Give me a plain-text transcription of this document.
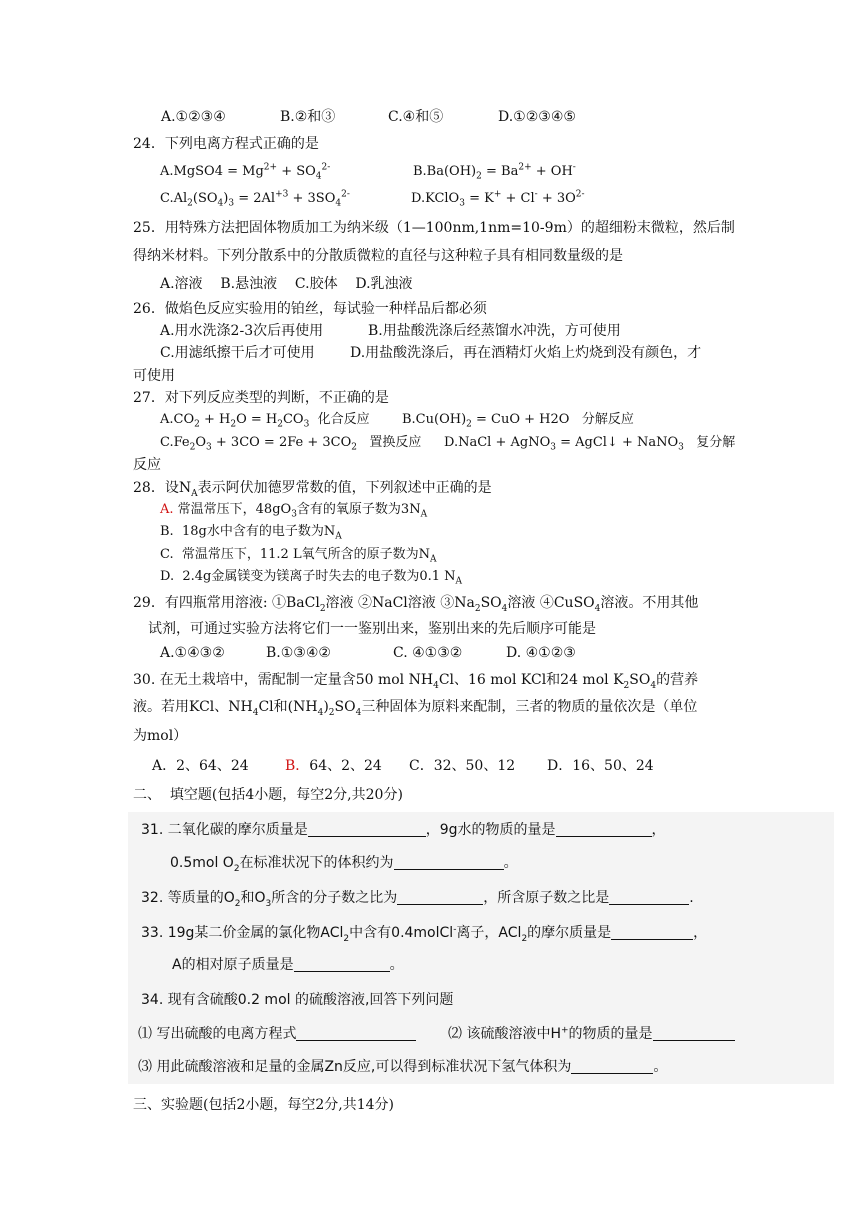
A.①②③④	B.②和③	C.④和⑤	D.①②③④⑤
24．下列电离方程式正确的是
A.MgSO4 = $Mg^{2+} + SO_4^{2-}$	$B.Ba(OH)_2 = Ba^{2+} + OH^-$
$C.Al_2(SO_4)_3 = 2Al^{+3} + 3SO_4^{2-}$	D.KClO$_3$ = $K^+ + Cl^- + 3O^{2-}$
25．用特殊方法把固体物质加工为纳米级（1—100nm,1nm=10-9m）的超细粉末微粒，然后制
得纳米材料。下列分散系中的分散质微粒的直径与这种粒子具有相同数量级的是
A.溶液    B.悬浊液    C.胶体    D.乳浊液
26．做焰色反应实验用的铂丝，每试验一种样品后都必须
A.用水洗涤2-3次后再使用	B.用盐酸洗涤后经蒸馏水冲洗，方可使用
C.用滤纸擦干后才可使用	D.用盐酸洗涤后，再在酒精灯火焰上灼烧到没有颜色，才
可使用
27．对下列反应类型的判断，不正确的是
$A.CO_2 + H_2O = H_2CO_3$  化合反应 $B.Cu(OH)_2$ = CuO + H2O   分解反应
$C.Fe_2O_3 + 3CO = 2Fe + 3CO_2$   置换反应 D.NaCl + AgNO$_3$ = AgCl↓ + NaNO$_3$   复分解
反应
28．设$N_A$表示阿伏加德罗常数的值，下列叙述中正确的是
A. 常温常压下，$48gO_3$含有的氧原子数为$3N_A$
B.  18g水中含有的电子数为$N_A$
C.  常温常压下，11.2 L氧气所含的原子数为$N_A$
D.  2.4g金属镁变为镁离子时失去的电子数为0.1 $N_A$
29．有四瓶常用溶液: ①BaCl$_2$溶液 ②NaCl溶液 $③Na_2SO_4$溶液 ④CuSO$_4$溶液。不用其他
试剂，可通过实验方法将它们一一鉴别出来，鉴别出来的先后顺序可能是
A.①④③②	B.①③④②	C. ④①③②	D. ④①②③
30. 在无土栽培中，需配制一定量含50 mol $NH_4Cl$、16 mol KCl和24 mol $K_2SO_4$的营养
液。若用KCl、$NH_4Cl$和$(NH_4)_2SO_4$三种固体为原料来配制，三者的物质的量依次是（单位
为mol）
A．2、64、24	B．64、2、24 C．32、50、12 D．16、50、24
二、  填空题(包括4小题，每空2分,共20分)
31. 二氧化碳的摩尔质量是	，9g水的物质的量是	，
0.5mol $O_2$在标准状况下的体积约为	。
32. 等质量的$O_2$和$O_3$所含的分子数之比为	，所含原子数之比是	.
33. 19g某二价金属的氯化物ACl$_2$中含有0.4molCl-离子，ACl$_2$的摩尔质量是	，
A的相对原子质量是	。
34. 现有含硫酸0.2 mol 的硫酸溶液,回答下列问题
⑴ 写出硫酸的电离方程式	⑵ 该硫酸溶液中H+的物质的量是
⑶ 用此硫酸溶液和足量的金属Zn反应,可以得到标准状况下氢气体积为	。
三、实验题(包括2小题，每空2分,共14分)
